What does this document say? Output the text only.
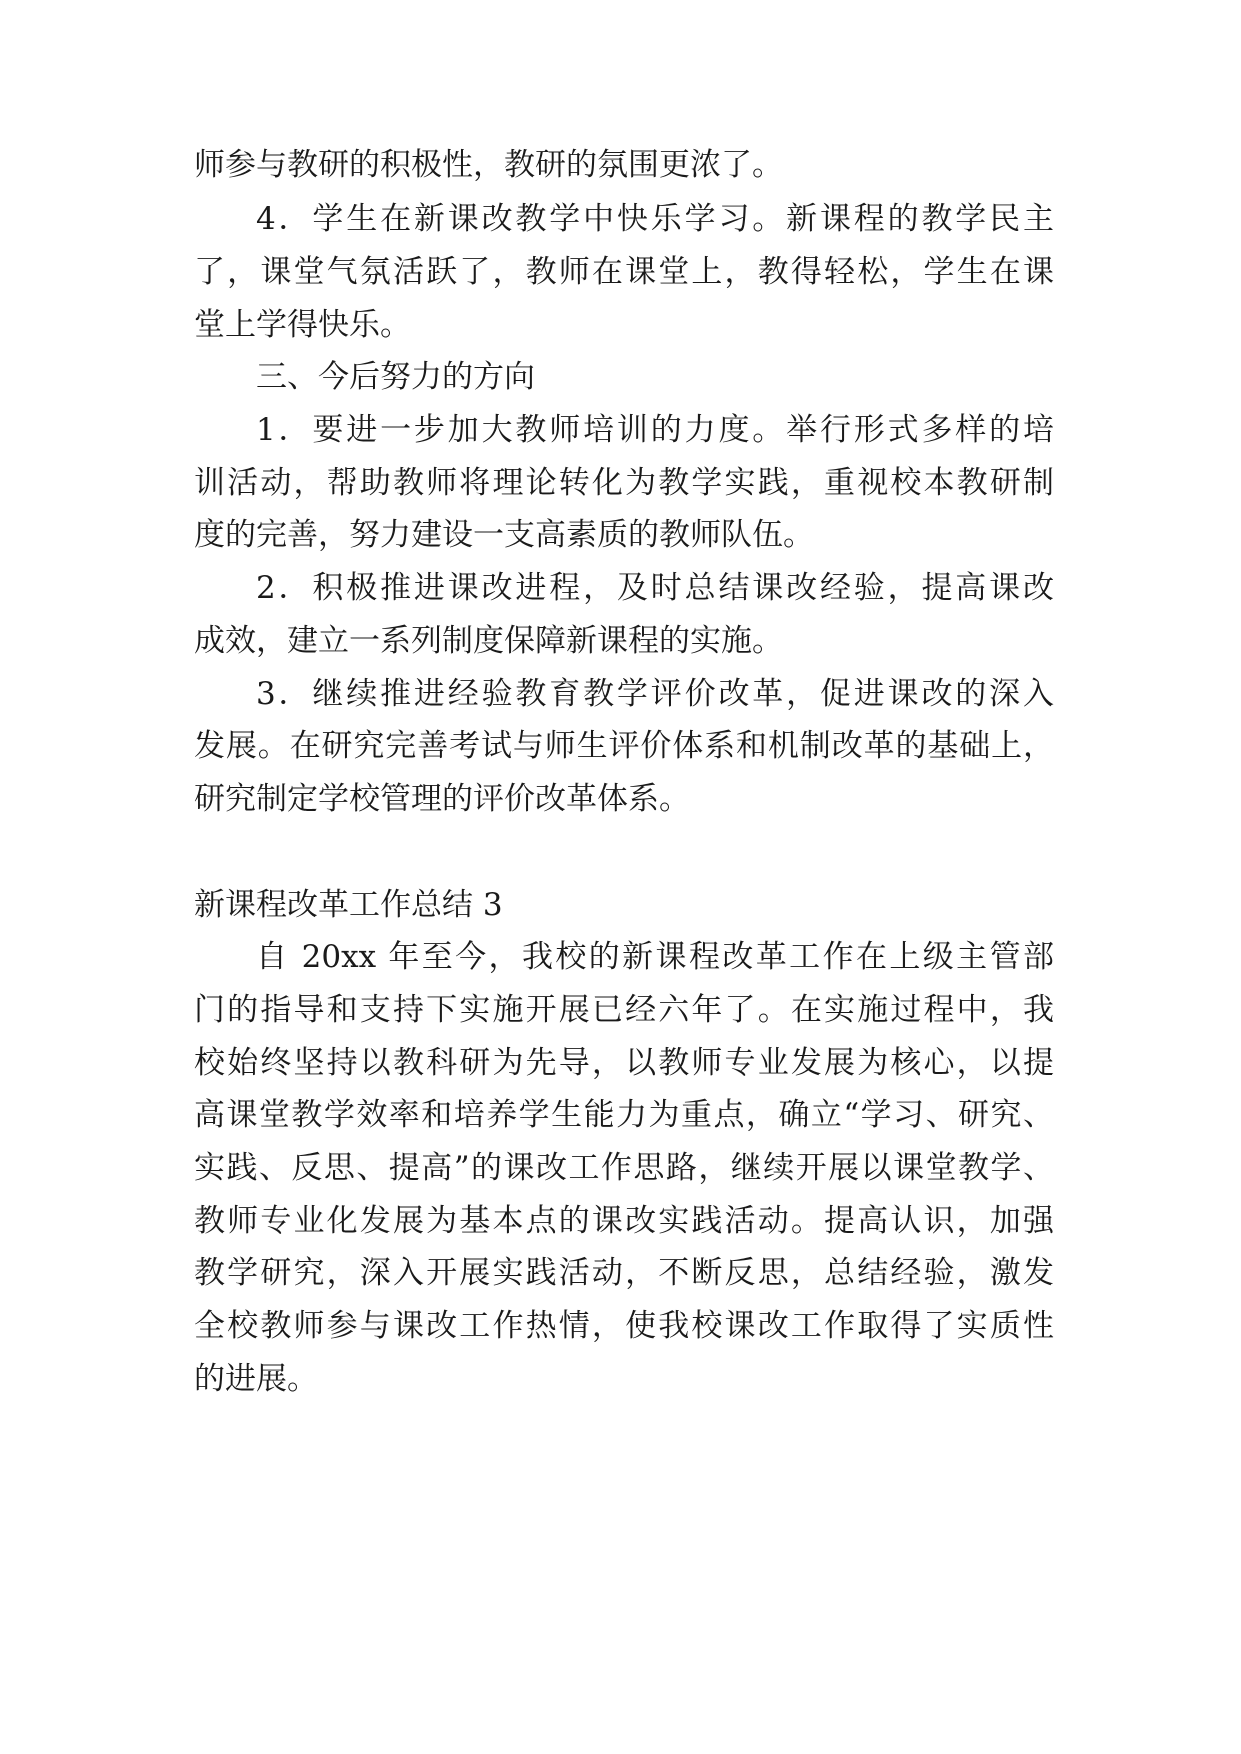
师参与教研的积极性，教研的氛围更浓了。
4．学生在新课改教学中快乐学习。新课程的教学民主
了，课堂气氛活跃了，教师在课堂上，教得轻松，学生在课
堂上学得快乐。
三、今后努力的方向
1．要进一步加大教师培训的力度。举行形式多样的培
训活动，帮助教师将理论转化为教学实践，重视校本教研制
度的完善，努力建设一支高素质的教师队伍。
2．积极推进课改进程，及时总结课改经验，提高课改
成效，建立一系列制度保障新课程的实施。
3．继续推进经验教育教学评价改革，促进课改的深入
发展。在研究完善考试与师生评价体系和机制改革的基础上，
研究制定学校管理的评价改革体系。
新课程改革工作总结 3
自 20xx 年至今，我校的新课程改革工作在上级主管部
门的指导和支持下实施开展已经六年了。在实施过程中，我
校始终坚持以教科研为先导，以教师专业发展为核心，以提
高课堂教学效率和培养学生能力为重点，确立“学习、研究、
实践、反思、提高”的课改工作思路，继续开展以课堂教学、
教师专业化发展为基本点的课改实践活动。提高认识，加强
教学研究，深入开展实践活动，不断反思，总结经验，激发
全校教师参与课改工作热情，使我校课改工作取得了实质性
的进展。
